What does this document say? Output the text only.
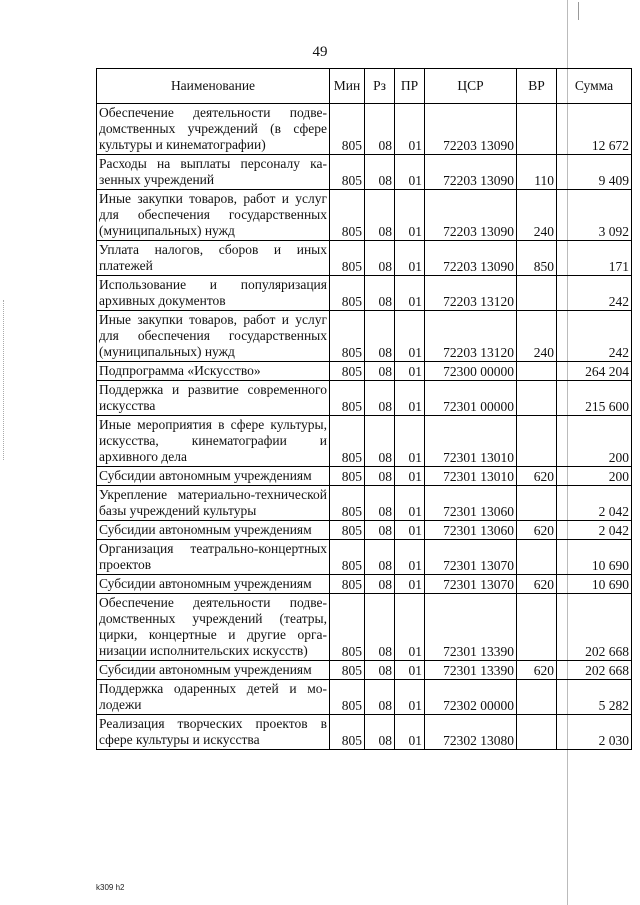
49
Наименование	Мин	Рз	ПР	ЦСР	ВР	Сумма
Обеспечение деятельности подведомственных учреждений (в сфере культуры и кинематографии)	805	08	01	72203 13090		12 672
Расходы на выплаты персоналу казенных учреждений	805	08	01	72203 13090	110	9 409
Иные закупки товаров, работ и услуг для обеспечения государственных (муниципальных) нужд	805	08	01	72203 13090	240	3 092
Уплата налогов, сборов и иных платежей	805	08	01	72203 13090	850	171
Использование и популяризация архивных документов	805	08	01	72203 13120		242
Иные закупки товаров, работ и услуг для обеспечения государственных (муниципальных) нужд	805	08	01	72203 13120	240	242
Подпрограмма «Искусство»	805	08	01	72300 00000		264 204
Поддержка и развитие современного искусства	805	08	01	72301 00000		215 600
Иные мероприятия в сфере культуры, искусства, кинематографии и архивного дела	805	08	01	72301 13010		200
Субсидии автономным учреждениям	805	08	01	72301 13010	620	200
Укрепление материально-технической базы учреждений культуры	805	08	01	72301 13060		2 042
Субсидии автономным учреждениям	805	08	01	72301 13060	620	2 042
Организация театрально-концертных проектов	805	08	01	72301 13070		10 690
Субсидии автономным учреждениям	805	08	01	72301 13070	620	10 690
Обеспечение деятельности подведомственных учреждений (театры, цирки, концертные и другие организации исполнительских искусств)	805	08	01	72301 13390		202 668
Субсидии автономным учреждениям	805	08	01	72301 13390	620	202 668
Поддержка одаренных детей и молодежи	805	08	01	72302 00000		5 282
Реализация творческих проектов в сфере культуры и искусства	805	08	01	72302 13080		2 030
k309 h2
